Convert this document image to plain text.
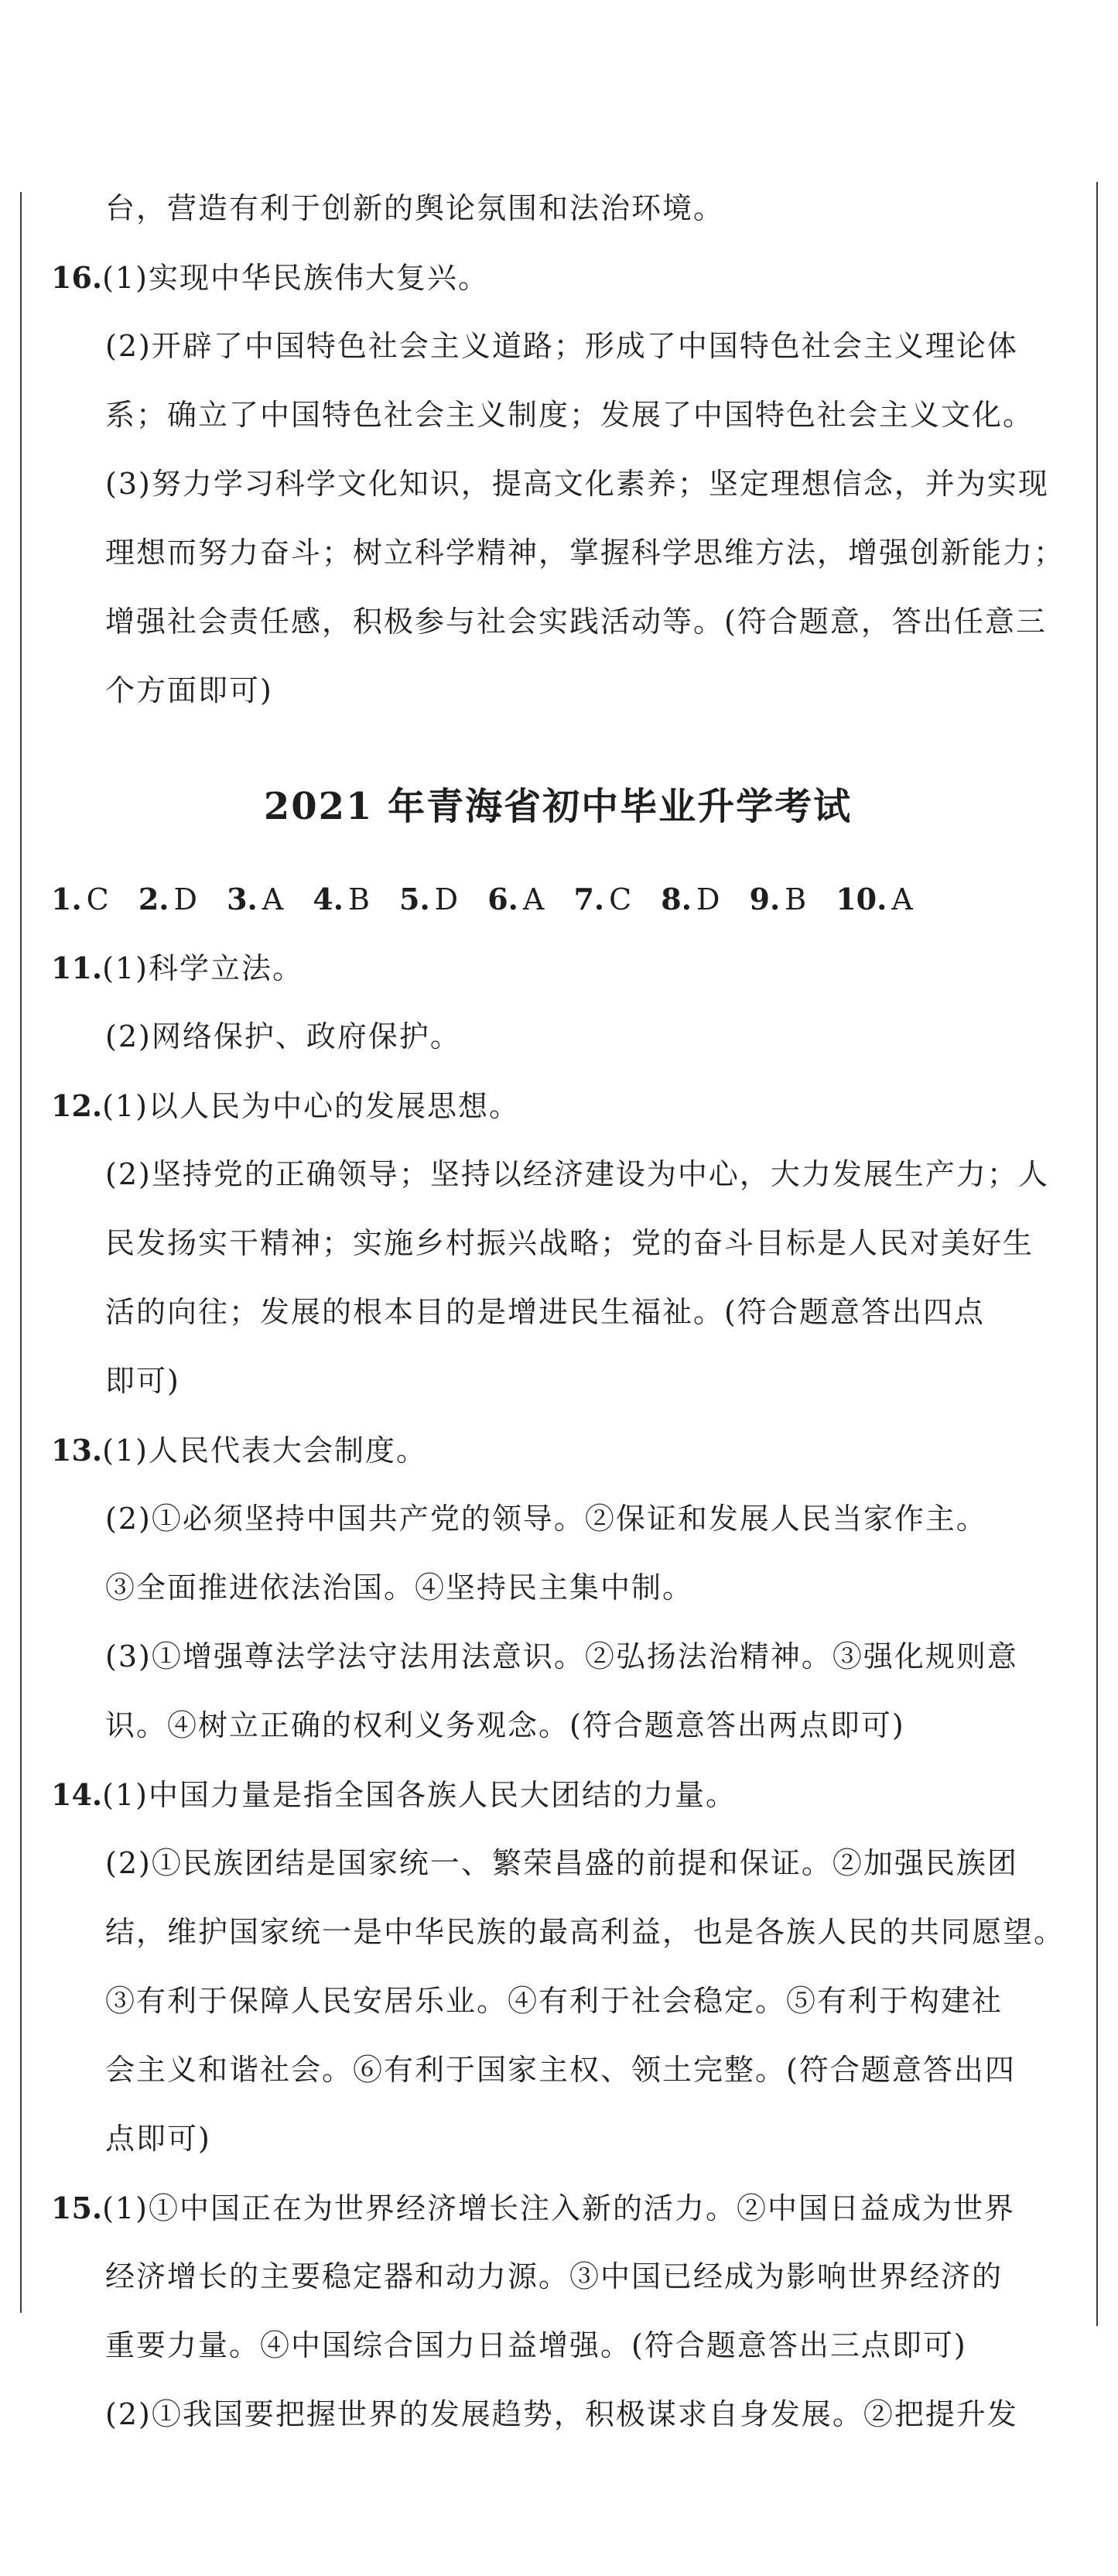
台，营造有利于创新的舆论氛围和法治环境。
16.(1)实现中华民族伟大复兴。
(2)开辟了中国特色社会主义道路；形成了中国特色社会主义理论体
系；确立了中国特色社会主义制度；发展了中国特色社会主义文化。
(3)努力学习科学文化知识，提高文化素养；坚定理想信念，并为实现
理想而努力奋斗；树立科学精神，掌握科学思维方法，增强创新能力；
增强社会责任感，积极参与社会实践活动等。(符合题意，答出任意三
个方面即可)
2021 年青海省初中毕业升学考试
1. C 2. D 3. A 4. B 5. D 6. A 7. C 8. D 9. B 10. A
11.(1)科学立法。
(2)网络保护、政府保护。
12.(1)以人民为中心的发展思想。
(2)坚持党的正确领导；坚持以经济建设为中心，大力发展生产力；人
民发扬实干精神；实施乡村振兴战略；党的奋斗目标是人民对美好生
活的向往；发展的根本目的是增进民生福祉。(符合题意答出四点
即可)
13.(1)人民代表大会制度。
(2)①必须坚持中国共产党的领导。②保证和发展人民当家作主。
③全面推进依法治国。④坚持民主集中制。
(3)①增强尊法学法守法用法意识。②弘扬法治精神。③强化规则意
识。④树立正确的权利义务观念。(符合题意答出两点即可)
14.(1)中国力量是指全国各族人民大团结的力量。
(2)①民族团结是国家统一、繁荣昌盛的前提和保证。②加强民族团
结，维护国家统一是中华民族的最高利益，也是各族人民的共同愿望。
③有利于保障人民安居乐业。④有利于社会稳定。⑤有利于构建社
会主义和谐社会。⑥有利于国家主权、领土完整。(符合题意答出四
点即可)
15.(1)①中国正在为世界经济增长注入新的活力。②中国日益成为世界
经济增长的主要稳定器和动力源。③中国已经成为影响世界经济的
重要力量。④中国综合国力日益增强。(符合题意答出三点即可)
(2)①我国要把握世界的发展趋势，积极谋求自身发展。②把提升发
